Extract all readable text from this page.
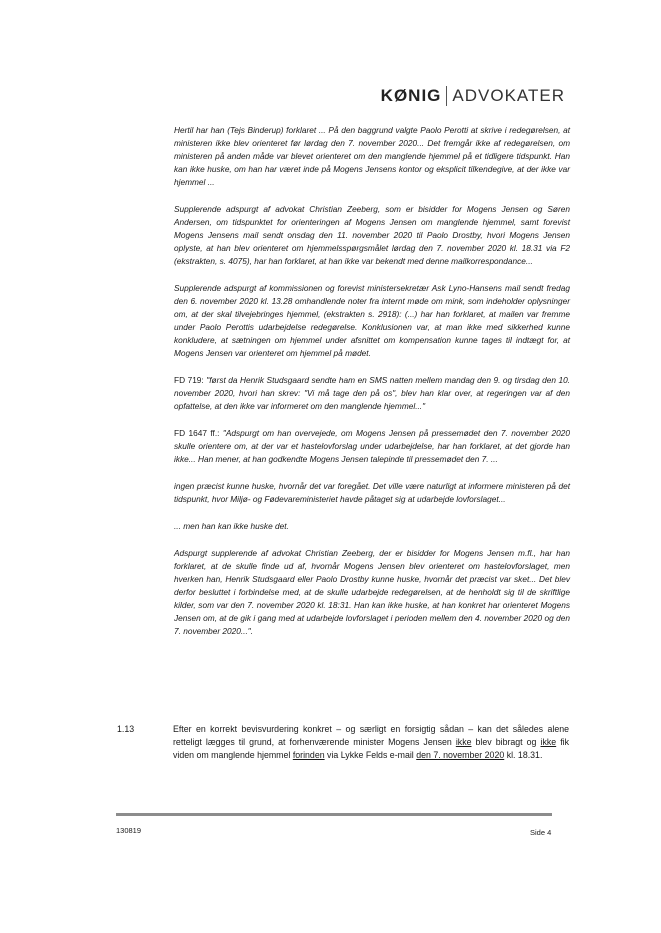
KØNIG ADVOKATER

Hertil har han (Tejs Binderup) forklaret ... På den baggrund valgte Paolo Perotti at skrive i redegørelsen, at ministeren ikke blev orienteret før lørdag den 7. november 2020... Det fremgår ikke af redegørelsen, om ministeren på anden måde var blevet orienteret om den manglende hjemmel på et tidligere tidspunkt. Han kan ikke huske, om han har været inde på Mogens Jensens kontor og eksplicit tilkendegive, at der ikke var hjemmel ...

Supplerende adspurgt af advokat Christian Zeeberg, som er bisidder for Mogens Jensen og Søren Andersen, om tidspunktet for orienteringen af Mogens Jensen om manglende hjemmel, samt forevist Mogens Jensens mail sendt onsdag den 11. november 2020 til Paolo Drostby, hvori Mogens Jensen oplyste, at han blev orienteret om hjemmelsspørgsmålet lørdag den 7. november 2020 kl. 18.31 via F2 (ekstrakten, s. 4075), har han forklaret, at han ikke var bekendt med denne mailkorrespondance...

Supplerende adspurgt af kommissionen og forevist ministersekretær Ask Lyno-Hansens mail sendt fredag den 6. november 2020 kl. 13.28 omhandlende noter fra internt møde om mink, som indeholder oplysninger om, at der skal tilvejebringes hjemmel, (ekstrakten s. 2918): (...) har han forklaret, at mailen var fremme under Paolo Perottis udarbejdelse redegørelse. Konklusionen var, at man ikke med sikkerhed kunne konkludere, at sætningen om hjemmel under afsnittet om kompensation kunne tages til indtægt for, at Mogens Jensen var orienteret om hjemmel på mødet.

FD 719: "først da Henrik Studsgaard sendte ham en SMS natten mellem mandag den 9. og tirsdag den 10. november 2020, hvori han skrev: "Vi må tage den på os", blev han klar over, at regeringen var af den opfattelse, at den ikke var informeret om den manglende hjemmel..."

FD 1647 ff.: "Adspurgt om han overvejede, om Mogens Jensen på pressemødet den 7. november 2020 skulle orientere om, at der var et hastelovforslag under udarbejdelse, har han forklaret, at det gjorde han ikke... Han mener, at han godkendte Mogens Jensen talepinde til pressemødet den 7. ...

ingen præcist kunne huske, hvornår det var foregået. Det ville være naturligt at informere ministeren på det tidspunkt, hvor Miljø- og Fødevareministeriet havde påtaget sig at udarbejde lovforslaget...

... men han kan ikke huske det.

Adspurgt supplerende af advokat Christian Zeeberg, der er bisidder for Mogens Jensen m.fl., har han forklaret, at de skulle finde ud af, hvornår Mogens Jensen blev orienteret om hastelovforslaget, men hverken han, Henrik Studsgaard eller Paolo Drostby kunne huske, hvornår det præcist var sket... Det blev derfor besluttet i forbindelse med, at de skulle udarbejde redegørelsen, at de henholdt sig til de skriftlige kilder, som var den 7. november 2020 kl. 18:31. Han kan ikke huske, at han konkret har orienteret Mogens Jensen om, at de gik i gang med at udarbejde lovforslaget i perioden mellem den 4. november 2020 og den 7. november 2020...".

1.13	Efter en korrekt bevisvurdering konkret – og særligt en forsigtig sådan – kan det således alene retteligt lægges til grund, at forhenværende minister Mogens Jensen ikke blev bibragt og ikke fik viden om manglende hjemmel forinden via Lykke Felds e-mail den 7. november 2020 kl. 18.31.
130819	Side 4
